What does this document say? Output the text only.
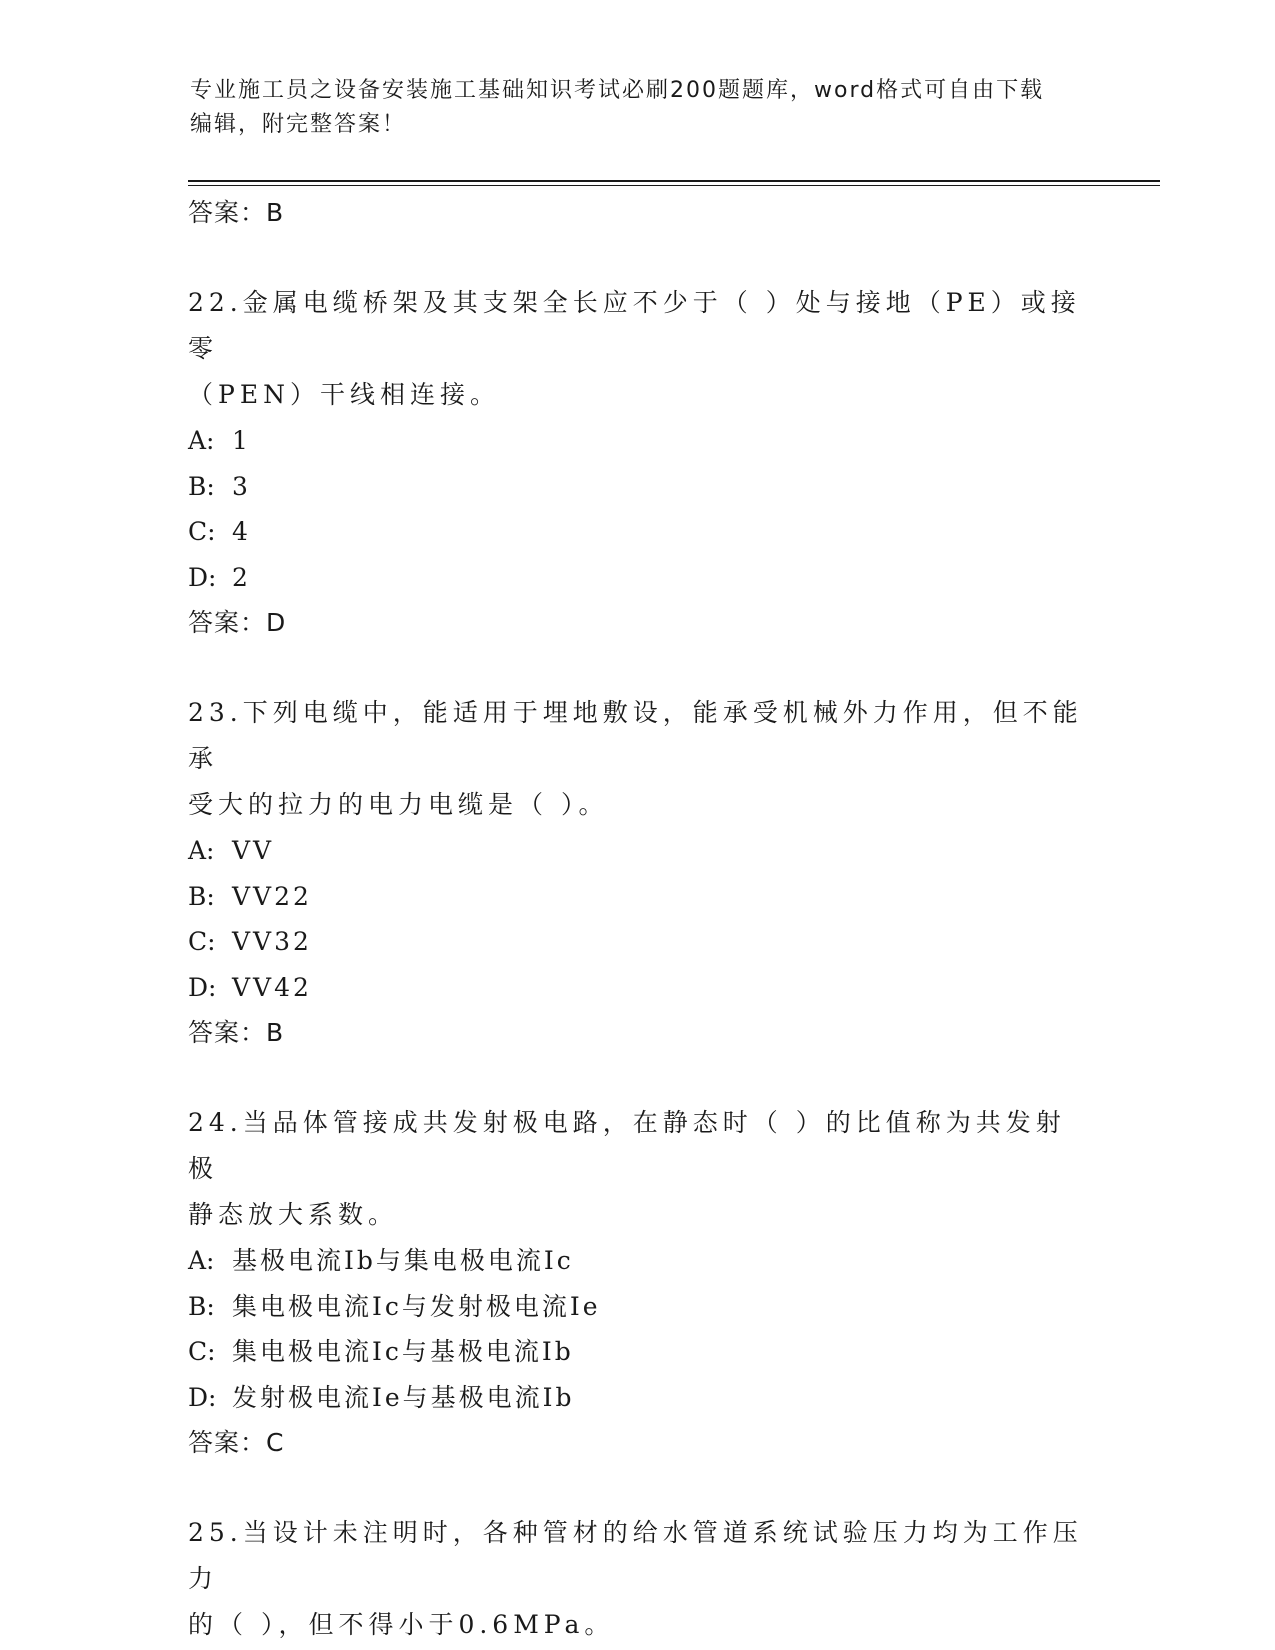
专业施工员之设备安装施工基础知识考试必刷200题题库，word格式可自由下载
编辑，附完整答案！
答案：B
22.金属电缆桥架及其支架全长应不少于（ ）处与接地（PE）或接零
（PEN）干线相连接。
A: 1
B: 3
C: 4
D: 2
答案：D
23.下列电缆中，能适用于埋地敷设，能承受机械外力作用，但不能承
受大的拉力的电力电缆是（ ）。
A: VV
B: VV22
C: VV32
D: VV42
答案：B
24.当品体管接成共发射极电路，在静态时（ ）的比值称为共发射极
静态放大系数。
A: 基极电流Ib与集电极电流Ic
B: 集电极电流Ic与发射极电流Ie
C: 集电极电流Ic与基极电流Ib
D: 发射极电流Ie与基极电流Ib
答案：C
25.当设计未注明时，各种管材的给水管道系统试验压力均为工作压力
的（ ），但不得小于0.6MPa。
